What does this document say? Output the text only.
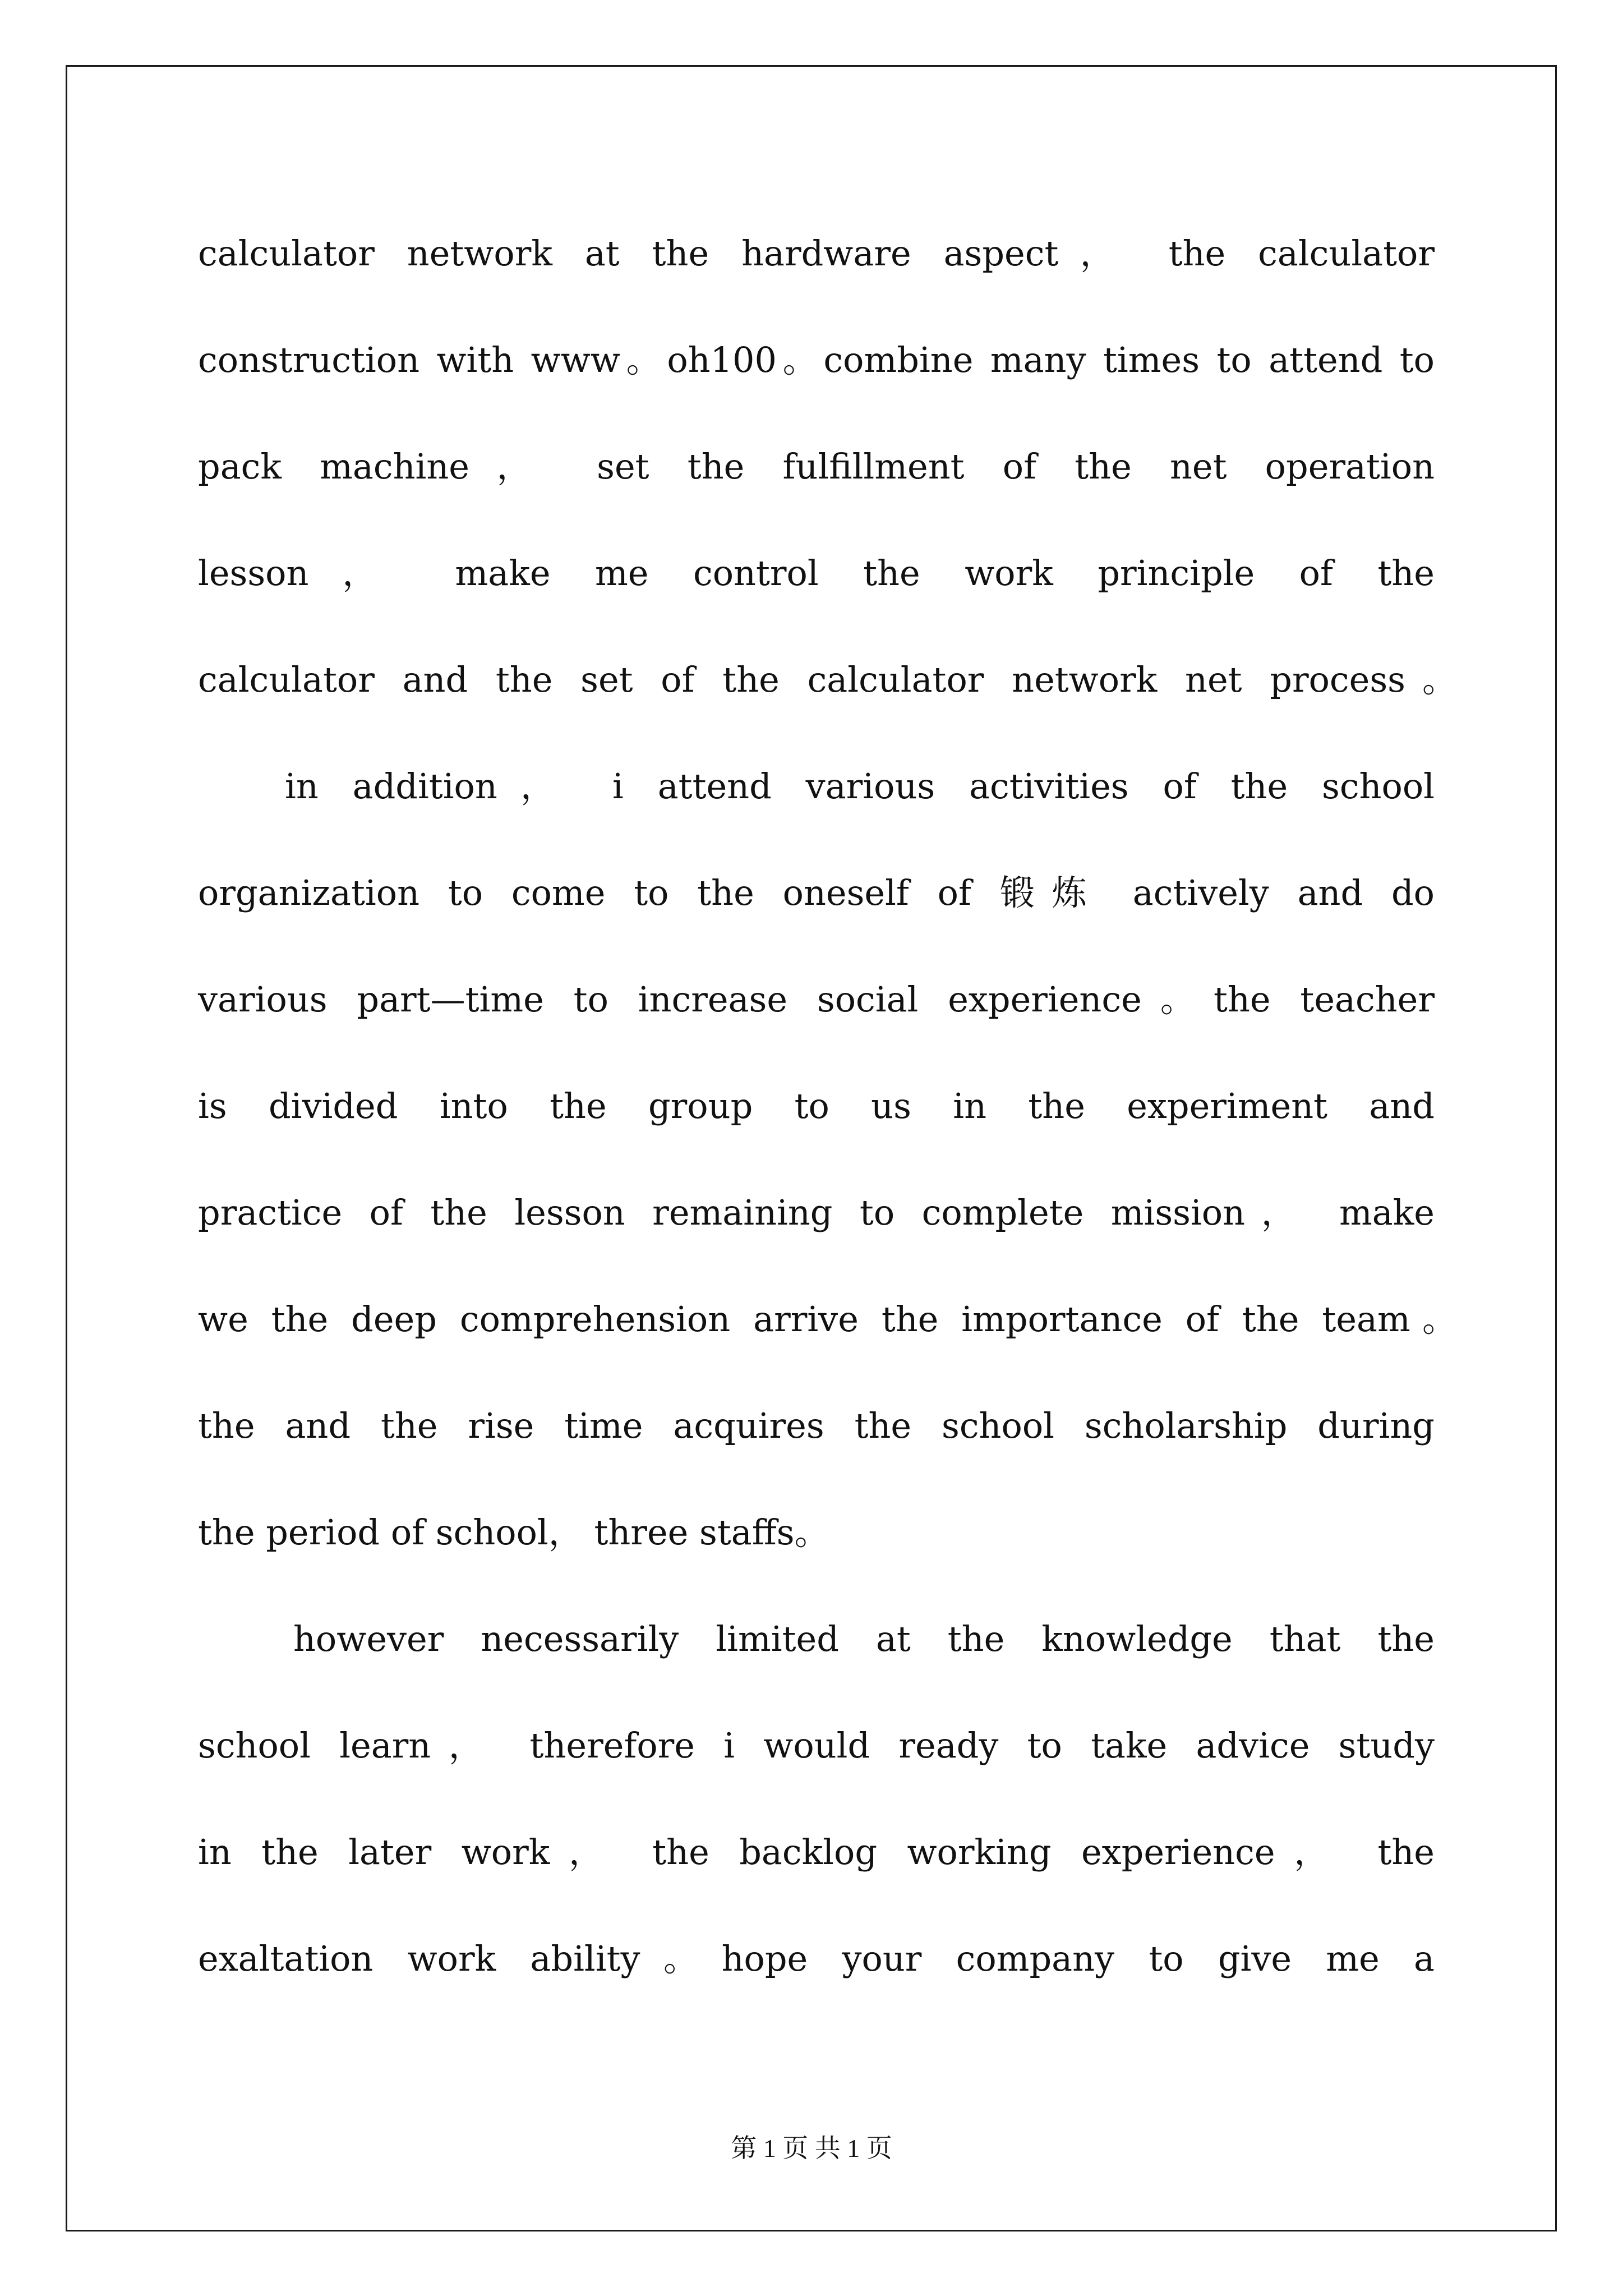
calculator network at the hardware aspect， the calculator
construction with www。oh100。combine many times to attend to
pack machine， set the fulfillment of the net operation
lesson， make me control the work principle of the
calculator and the set of the calculator network net process。
in addition， i attend various activities of the school
organization to come to the oneself of 锻炼 actively and do
various part—time to increase social experience。the teacher
is divided into the group to us in the experiment and
practice of the lesson remaining to complete mission， make
we the deep comprehension arrive the importance of the team。
the and the rise time acquires the school scholarship during
the period of school， three staffs。
however necessarily limited at the knowledge that the
school learn， therefore i would ready to take advice study
in the later work， the backlog working experience， the
exaltation work ability。hope your company to give me a
第 1 页 共 1 页
